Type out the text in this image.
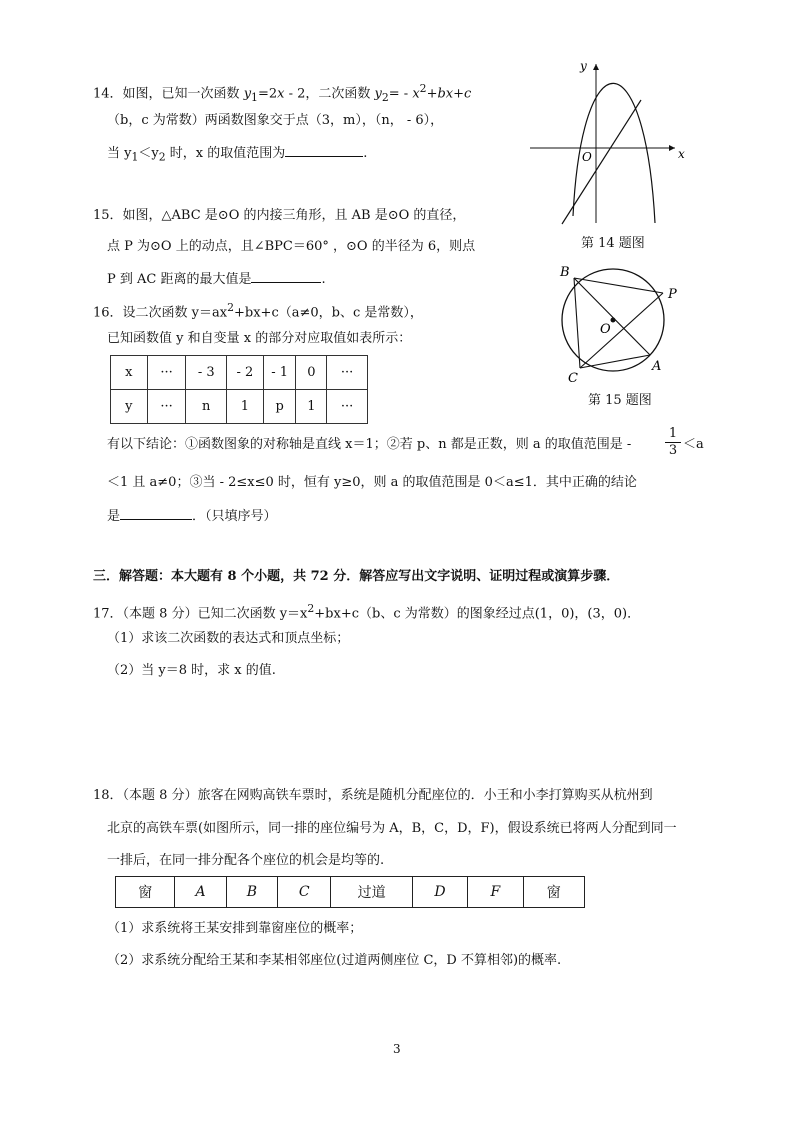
14．如图，已知一次函数 $y_1=2x - 2$，二次函数 $y_2= - x^2+bx+c$
（b，c 为常数）两函数图象交于点（3，m），（n， - 6），
当 $y_1<y_2$ 时，x 的取值范围为	.
15．如图，△ABC 是⊙O 的内接三角形，且 AB 是⊙O 的直径，
点 P 为⊙O 上的动点，且∠BPC＝60° ，⊙O 的半径为 6，则点
P 到 AC 距离的最大值是	.
16．设二次函数 $y=ax^2+bx+c(a\ne 0$，b、c 是常数），
已知函数值 y 和自变量 x 的部分对应取值如表所示：
x	···	- 3	- 2	- 1	0	···
y	···	n	1	p	1	···
有以下结论：①函数图象的对称轴是直线 x＝1；②若 p、n 都是正数，则 a 的取值范围是 -	$\frac{1}{3} <a$
＜1 且 a≠0；③当 - 2≤x≤0 时，恒有 y≥0，则 a 的取值范围是 0＜a≤1．其中正确的结论
是	．（只填序号）
三．解答题：本大题有 8 个小题，共 72 分．解答应写出文字说明、证明过程或演算步骤．
17．（本题 8 分）已知二次函数 $y=x^2+bx+c(b$、c 为常数）的图象经过点(1，0)，(3，0)．
（1）求该二次函数的表达式和顶点坐标；
（2）当 y＝8 时，求 x 的值.
18．（本题 8 分）旅客在网购高铁车票时，系统是随机分配座位的．小王和小李打算购买从杭州到
北京的高铁车票(如图所示，同一排的座位编号为 A，B，C，D，F)，假设系统已将两人分配到同一
一排后，在同一排分配各个座位的机会是均等的.
窗	A	B	C	过道	D	F	窗
（1）求系统将王某安排到靠窗座位的概率；
（2）求系统分配给王某和李某相邻座位(过道两侧座位 C，D 不算相邻)的概率.
y
x
O
第 14 题图
B
P
O
A
C
第 15 题图
3
